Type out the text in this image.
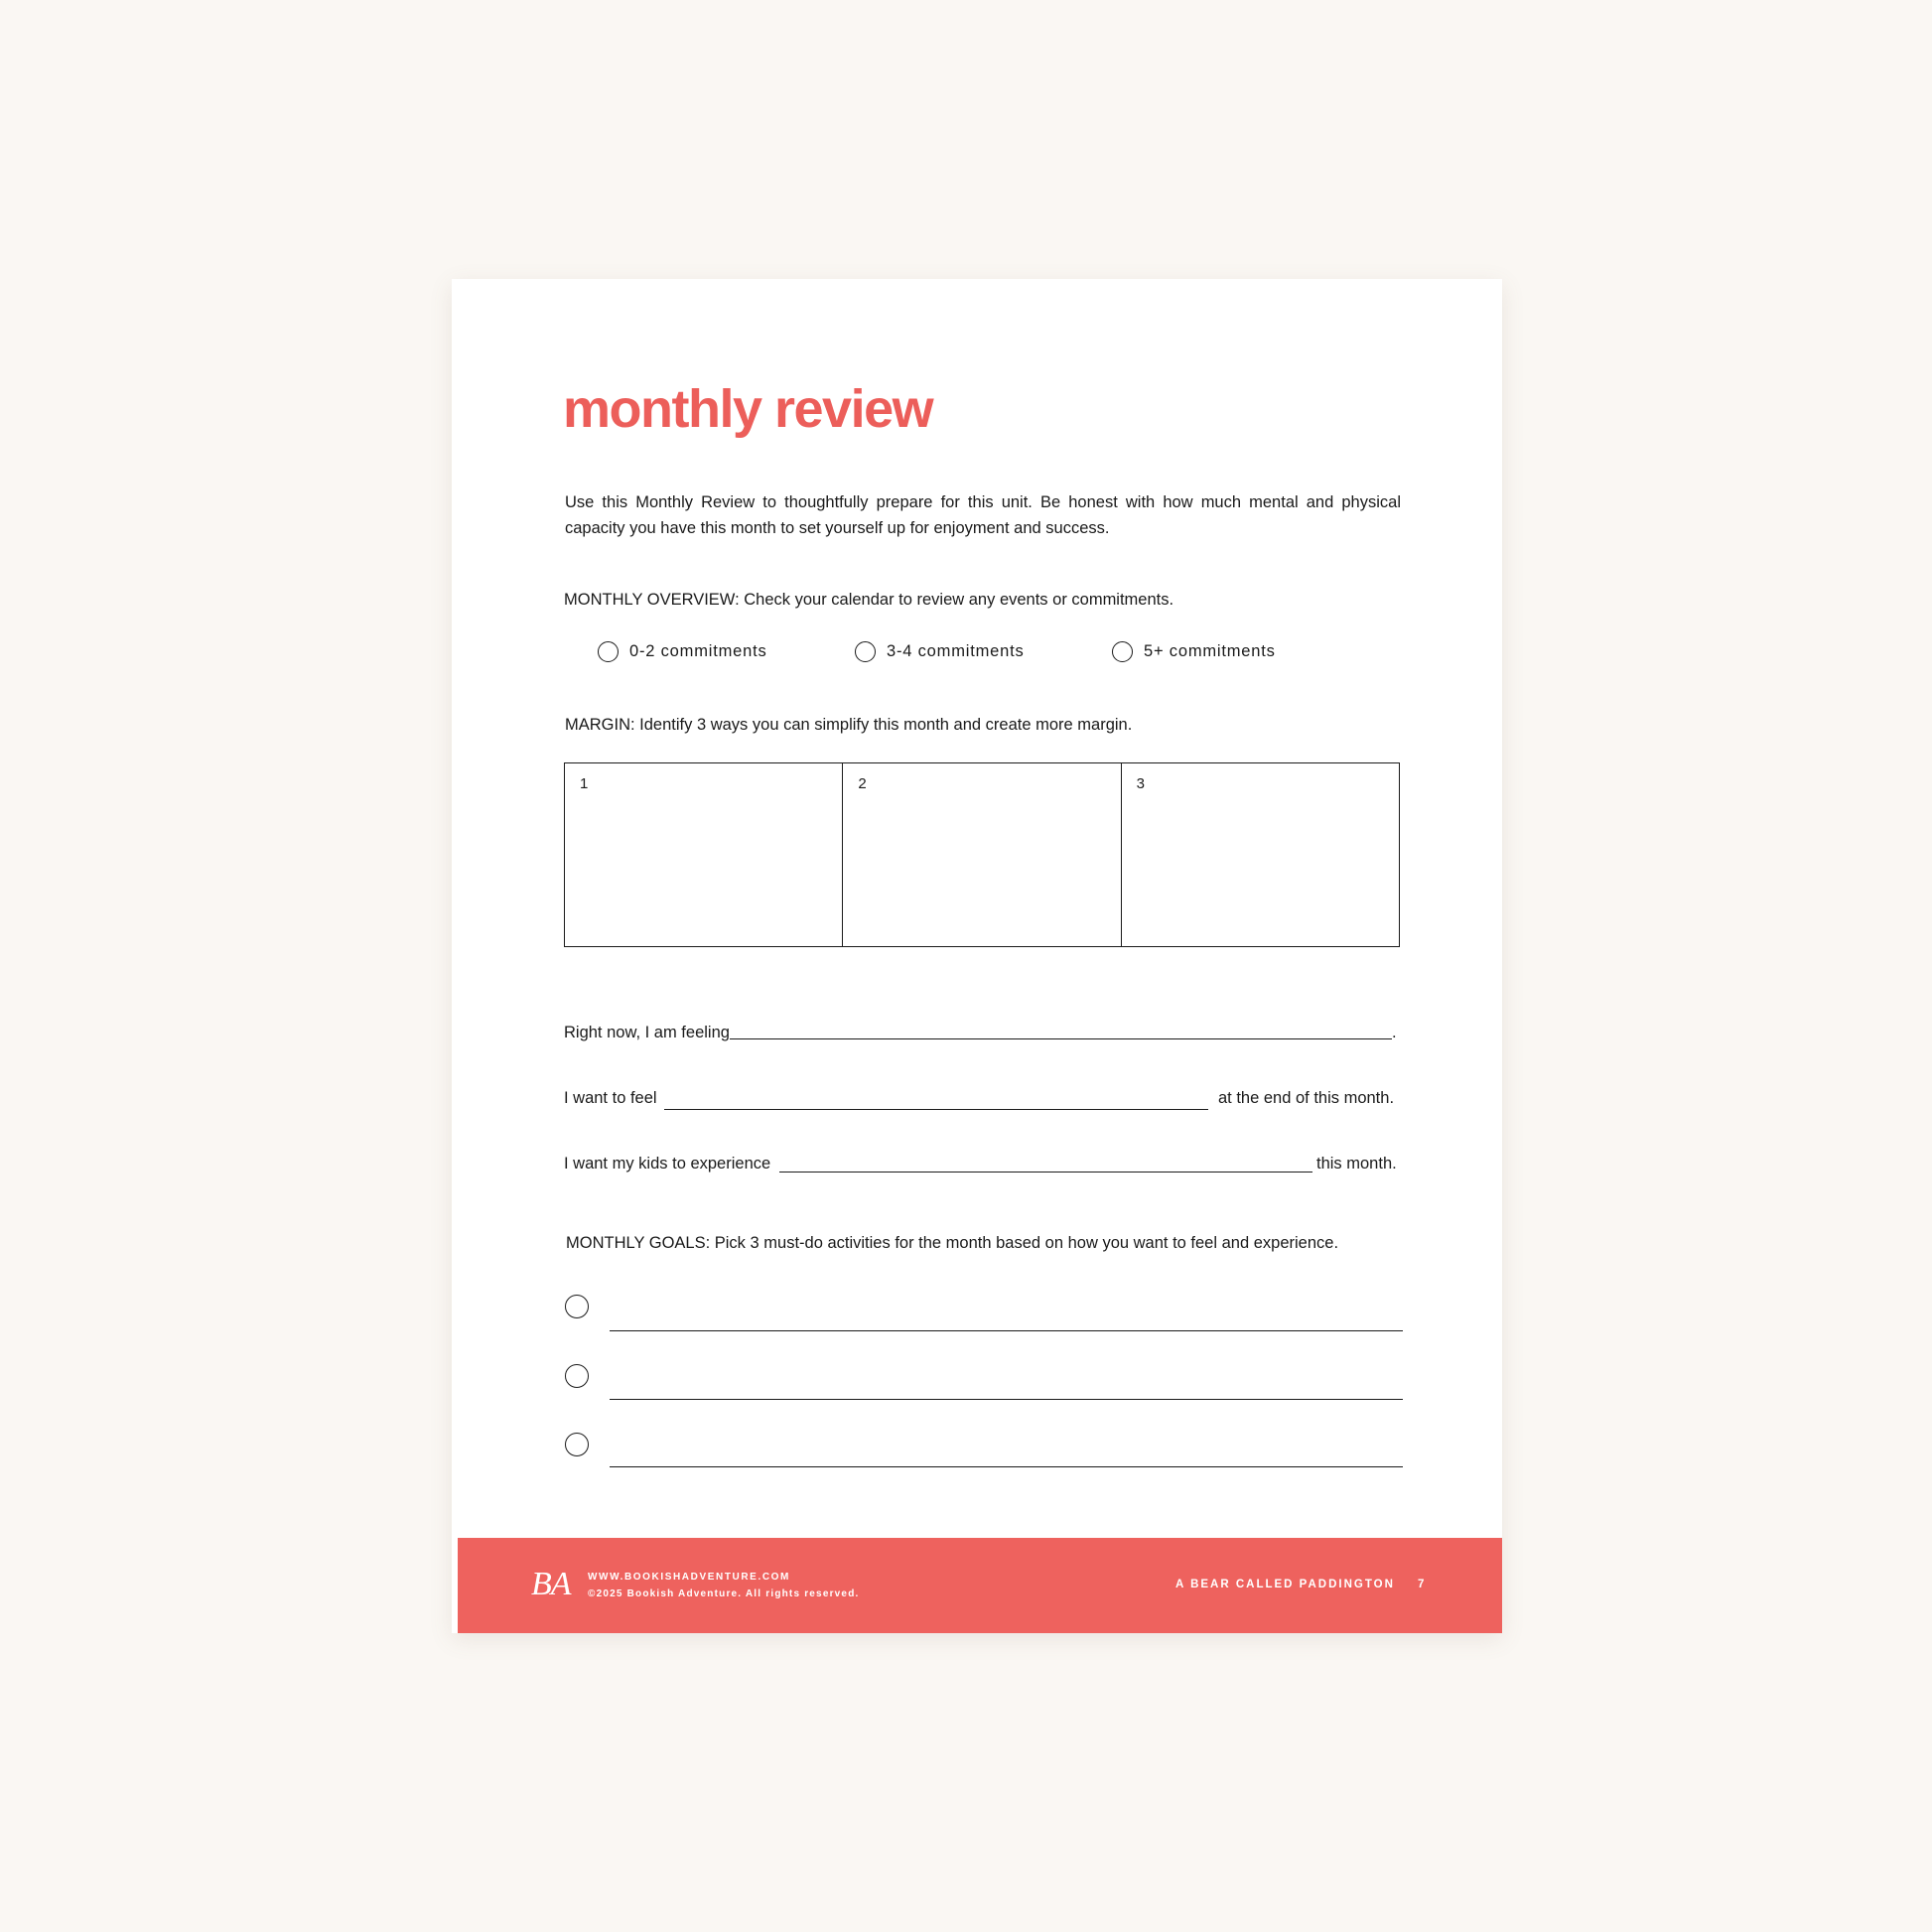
monthly review
Use this Monthly Review to thoughtfully prepare for this unit. Be honest with how much mental and physical capacity you have this month to set yourself up for enjoyment and success.
MONTHLY OVERVIEW: Check your calendar to review any events or commitments.
0-2 commitments	3-4 commitments	5+ commitments
MARGIN: Identify 3 ways you can simplify this month and create more margin.
1	2	3
Right now, I am feeling	.
I want to feel	at the end of this month.
I want my kids to experience	this month.
MONTHLY GOALS: Pick 3 must-do activities for the month based on how you want to feel and experience.
BA WWW.BOOKISHADVENTURE.COM
©2025 Bookish Adventure. All rights reserved.
A BEAR CALLED PADDINGTON 7
